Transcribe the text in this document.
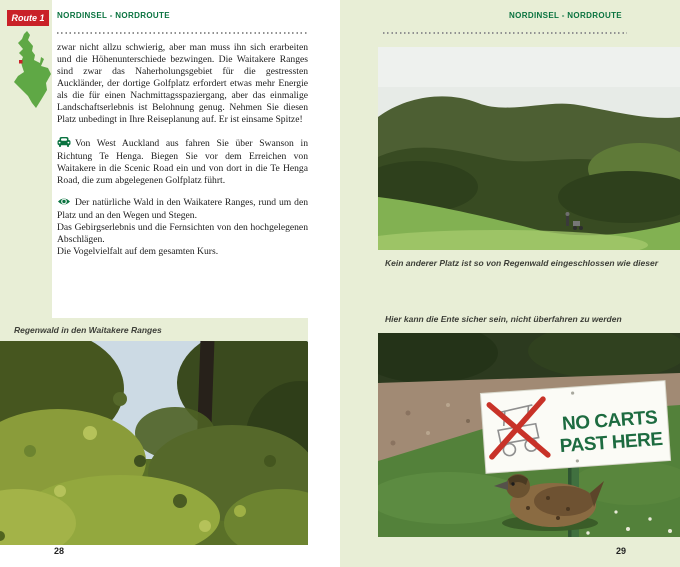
Route 1 NORDINSEL - NORDROUTE

zwar nicht allzu schwierig, aber man muss ihn sich erarbeiten und die Höhenunterschiede bezwingen. Die Waitakere Ranges sind zwar das Naherholungsgebiet für die gestressten Auckländer, der dortige Golfplatz erfordert etwas mehr Energie als die für einen Nachmittagsspaziergang, aber das einmalige Landschaftserlebnis ist Belohnung genug. Nehmen Sie diesen Platz unbedingt in Ihre Reiseplanung auf. Er ist einsame Spitze!

Von West Auckland aus fahren Sie über Swanson in Richtung Te Henga. Biegen Sie vor dem Erreichen von Waitakere in die Scenic Road ein und von dort in die Te Henga Road, die zum abgelegenen Golfplatz führt.

Der natürliche Wald in den Waikatere Ranges, rund um den Platz und an den Wegen und Stegen.

Das Gebirgserlebnis und die Fernsichten von den hochgelegenen Abschlägen.

Die Vogelvielfalt auf dem gesamten Kurs.

Regenwald in den Waitakere Ranges
28
NORDINSEL - NORDROUTE
Kein anderer Platz ist so von Regenwald eingeschlossen wie dieser
Hier kann die Ente sicher sein, nicht überfahren zu werden
NO CARTS
PAST HERE
29
